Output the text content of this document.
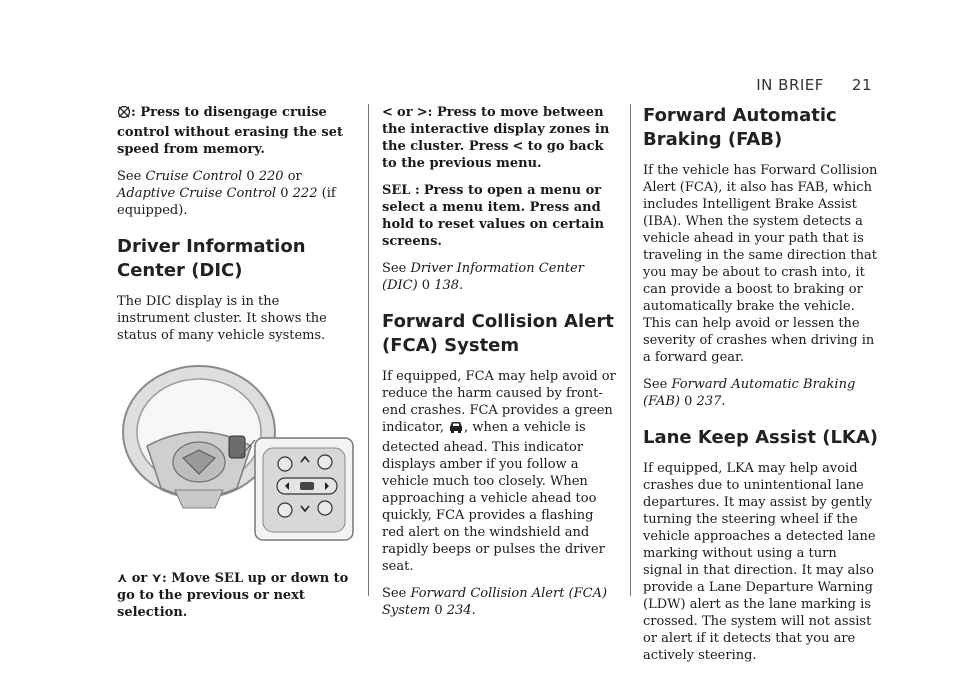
IN BRIEF 21

: Press to disengage cruise control without erasing the set speed from memory.

See Cruise Control 0 220 or Adaptive Cruise Control 0 222 (if equipped).

Driver Information Center (DIC)

The DIC display is in the instrument cluster. It shows the status of many vehicle systems.

⋏ or ⋎: Move SEL up or down to go to the previous or next selection.

< or >: Press to move between the interactive display zones in the cluster. Press < to go back to the previous menu.

SEL : Press to open a menu or select a menu item. Press and hold to reset values on certain screens.

See Driver Information Center (DIC) 0 138.

Forward Collision Alert (FCA) System

If equipped, FCA may help avoid or reduce the harm caused by front-end crashes. FCA provides a green indicator, , when a vehicle is detected ahead. This indicator displays amber if you follow a vehicle much too closely. When approaching a vehicle ahead too quickly, FCA provides a flashing red alert on the windshield and rapidly beeps or pulses the driver seat.

See Forward Collision Alert (FCA) System 0 234.

Forward Automatic Braking (FAB)

If the vehicle has Forward Collision Alert (FCA), it also has FAB, which includes Intelligent Brake Assist (IBA). When the system detects a vehicle ahead in your path that is traveling in the same direction that you may be about to crash into, it can provide a boost to braking or automatically brake the vehicle. This can help avoid or lessen the severity of crashes when driving in a forward gear.

See Forward Automatic Braking (FAB) 0 237.

Lane Keep Assist (LKA)

If equipped, LKA may help avoid crashes due to unintentional lane departures. It may assist by gently turning the steering wheel if the vehicle approaches a detected lane marking without using a turn signal in that direction. It may also provide a Lane Departure Warning (LDW) alert as the lane marking is crossed. The system will not assist or alert if it detects that you are actively steering.
